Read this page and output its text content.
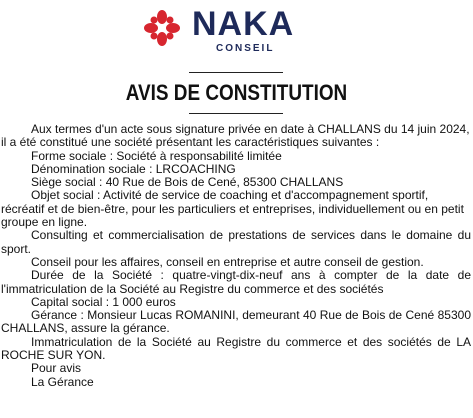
NAKA
CONSEIL
AVIS DE CONSTITUTION

Aux termes d'un acte sous signature privée en date à CHALLANS du 14 juin 2024, il a été constitué une société présentant les caractéristiques suivantes :

Forme sociale : Société à responsabilité limitée

Dénomination sociale : LRCOACHING

Siège social : 40 Rue de Bois de Cené, 85300 CHALLANS

Objet social : Activité de service de coaching et d'accompagnement sportif, récréatif et de bien-être, pour les particuliers et entreprises, individuellement ou en petit groupe en ligne.

Consulting et commercialisation de prestations de services dans le domaine du sport.

Conseil pour les affaires, conseil en entreprise et autre conseil de gestion.

Durée de la Société : quatre-vingt-dix-neuf ans à compter de la date de l'immatriculation de la Société au Registre du commerce et des sociétés

Capital social : 1 000 euros

Gérance : Monsieur Lucas ROMANINI, demeurant 40 Rue de Bois de Cené 85300 CHALLANS, assure la gérance.

Immatriculation de la Société au Registre du commerce et des sociétés de LA ROCHE SUR YON.

Pour avis

La Gérance
